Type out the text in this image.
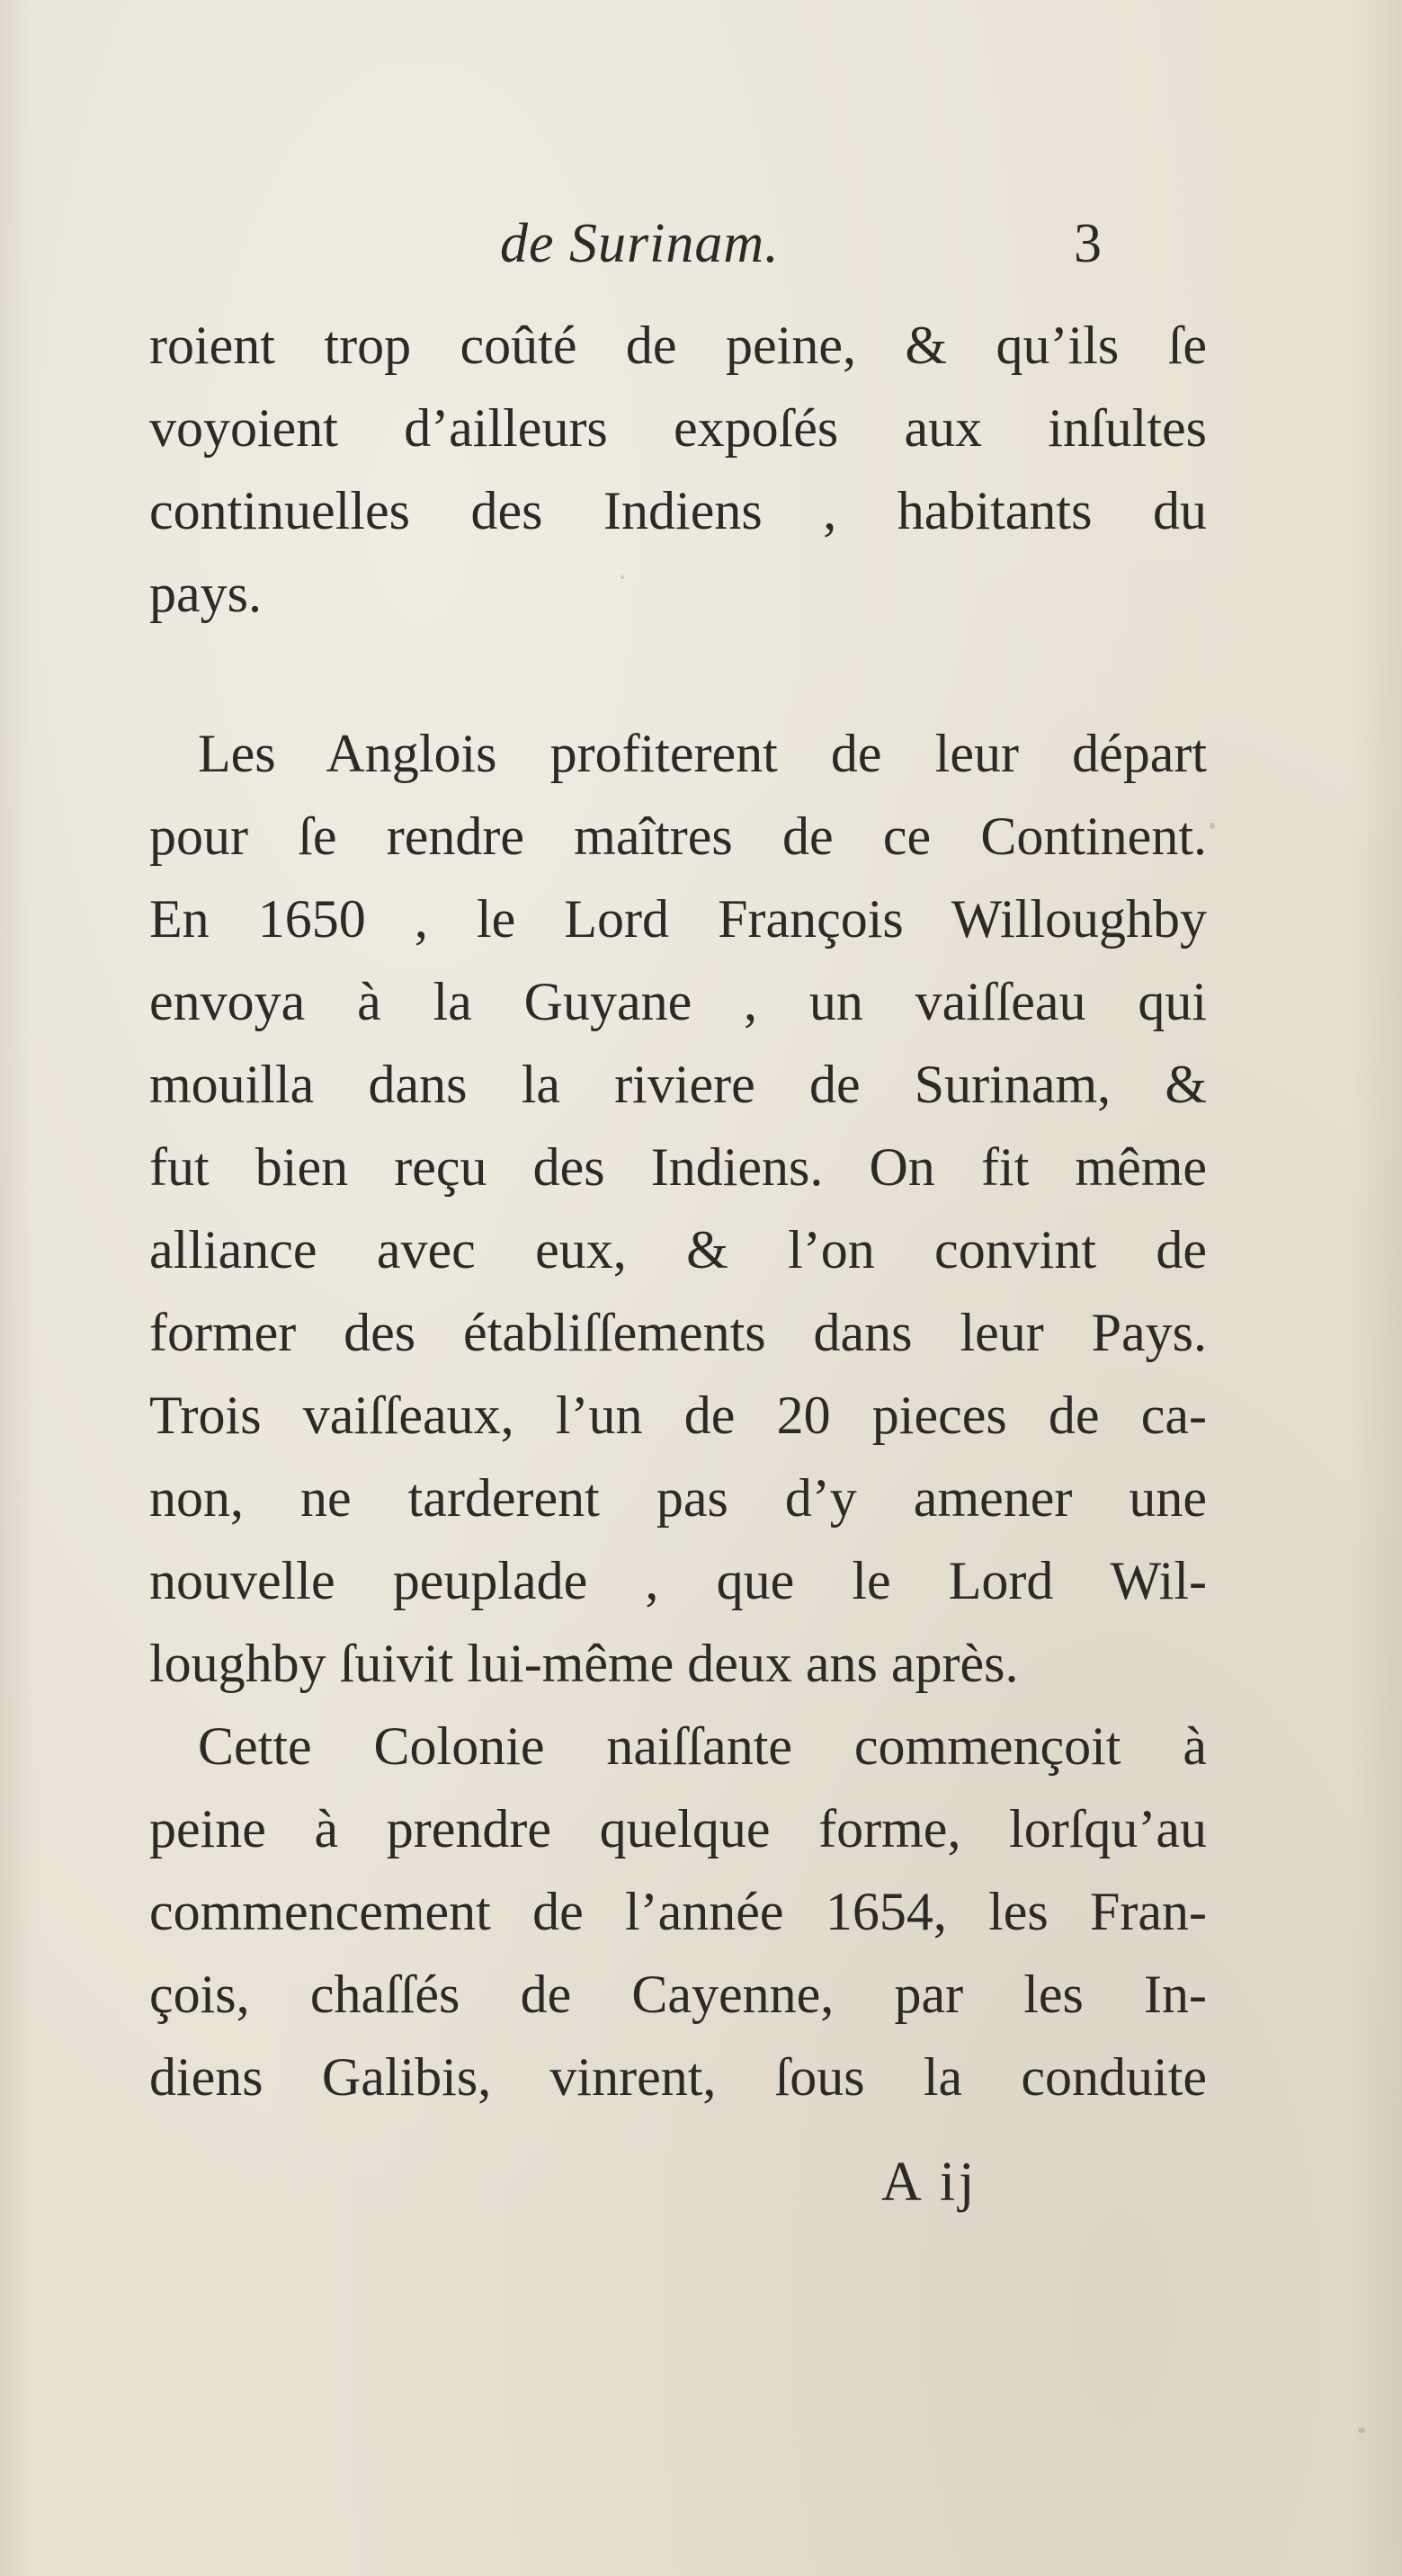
de Surinam.	3
roient trop coûté de peine, & qu’ils ſe
voyoient d’ailleurs expoſés aux inſultes
continuelles des Indiens , habitants du
pays.
Les Anglois profiterent de leur départ
pour ſe rendre maîtres de ce Continent.
En 1650 , le Lord François Willoughby
envoya à la Guyane , un vaiſſeau qui
mouilla dans la riviere de Surinam, &
fut bien reçu des Indiens. On fit même
alliance avec eux, & l’on convint de
former des établiſſements dans leur Pays.
Trois vaiſſeaux, l’un de 20 pieces de ca-
non, ne tarderent pas d’y amener une
nouvelle peuplade , que le Lord Wil-
loughby ſuivit lui-même deux ans après.
Cette Colonie naiſſante commençoit à
peine à prendre quelque forme, lorſqu’au
commencement de l’année 1654, les Fran-
çois, chaſſés de Cayenne, par les In-
diens Galibis, vinrent, ſous la conduite
A ij
